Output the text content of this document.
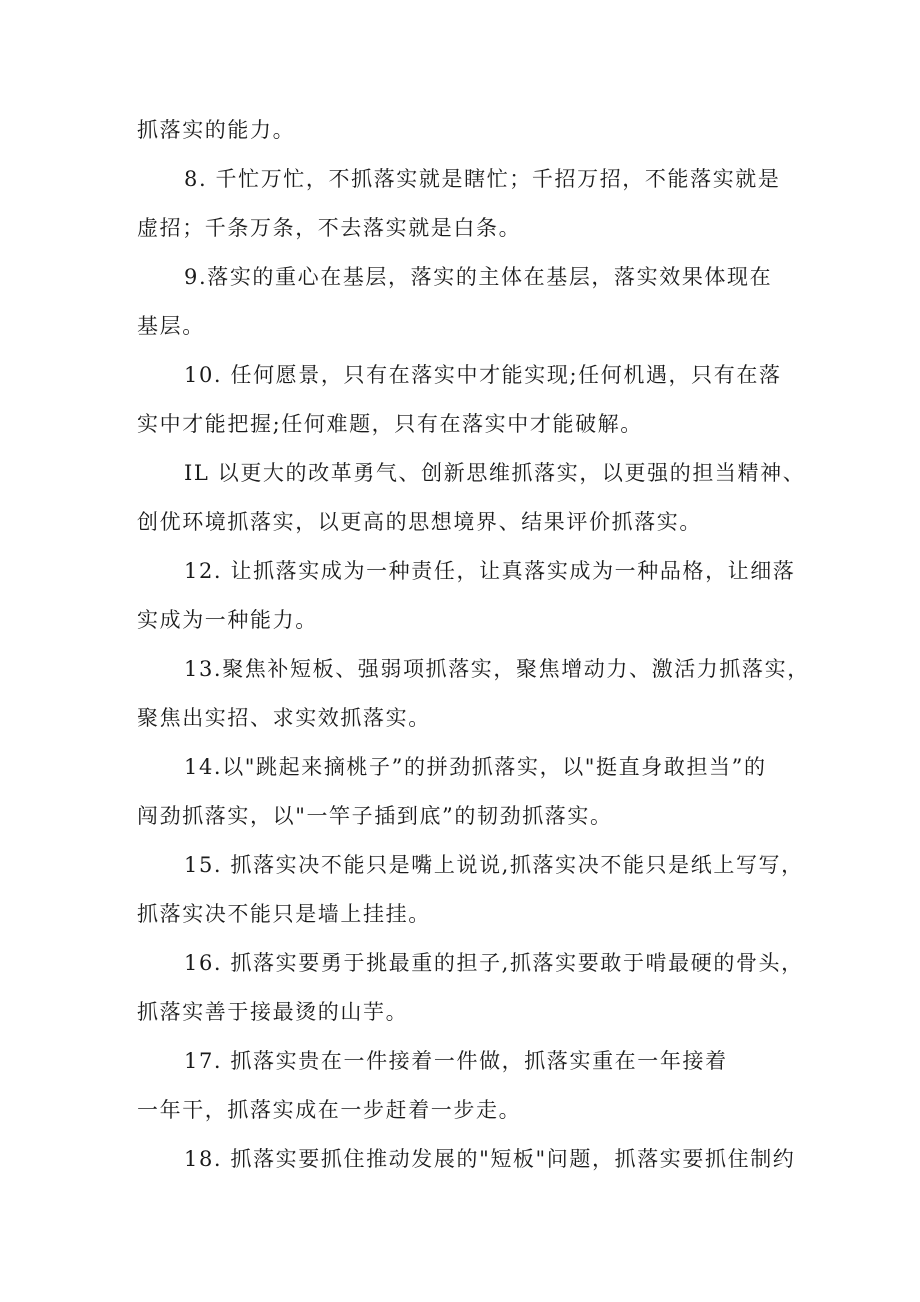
抓落实的能力。
8. 千忙万忙，不抓落实就是瞎忙；千招万招，不能落实就是
虚招；千条万条，不去落实就是白条。
9.落实的重心在基层，落实的主体在基层，落实效果体现在
基层。
10. 任何愿景，只有在落实中才能实现;任何机遇，只有在落
实中才能把握;任何难题，只有在落实中才能破解。
IL 以更大的改革勇气、创新思维抓落实，以更强的担当精神、
创优环境抓落实，以更高的思想境界、结果评价抓落实。
12. 让抓落实成为一种责任，让真落实成为一种品格，让细落
实成为一种能力。
13.聚焦补短板、强弱项抓落实，聚焦增动力、激活力抓落实，
聚焦出实招、求实效抓落实。
14.以"跳起来摘桃子”的拼劲抓落实，以"挺直身敢担当”的
闯劲抓落实，以"一竿子插到底”的韧劲抓落实。
15. 抓落实决不能只是嘴上说说,抓落实决不能只是纸上写写，
抓落实决不能只是墙上挂挂。
16. 抓落实要勇于挑最重的担子,抓落实要敢于啃最硬的骨头，
抓落实善于接最烫的山芋。
17. 抓落实贵在一件接着一件做，抓落实重在一年接着
一年干，抓落实成在一步赶着一步走。
18. 抓落实要抓住推动发展的"短板"问题，抓落实要抓住制约
